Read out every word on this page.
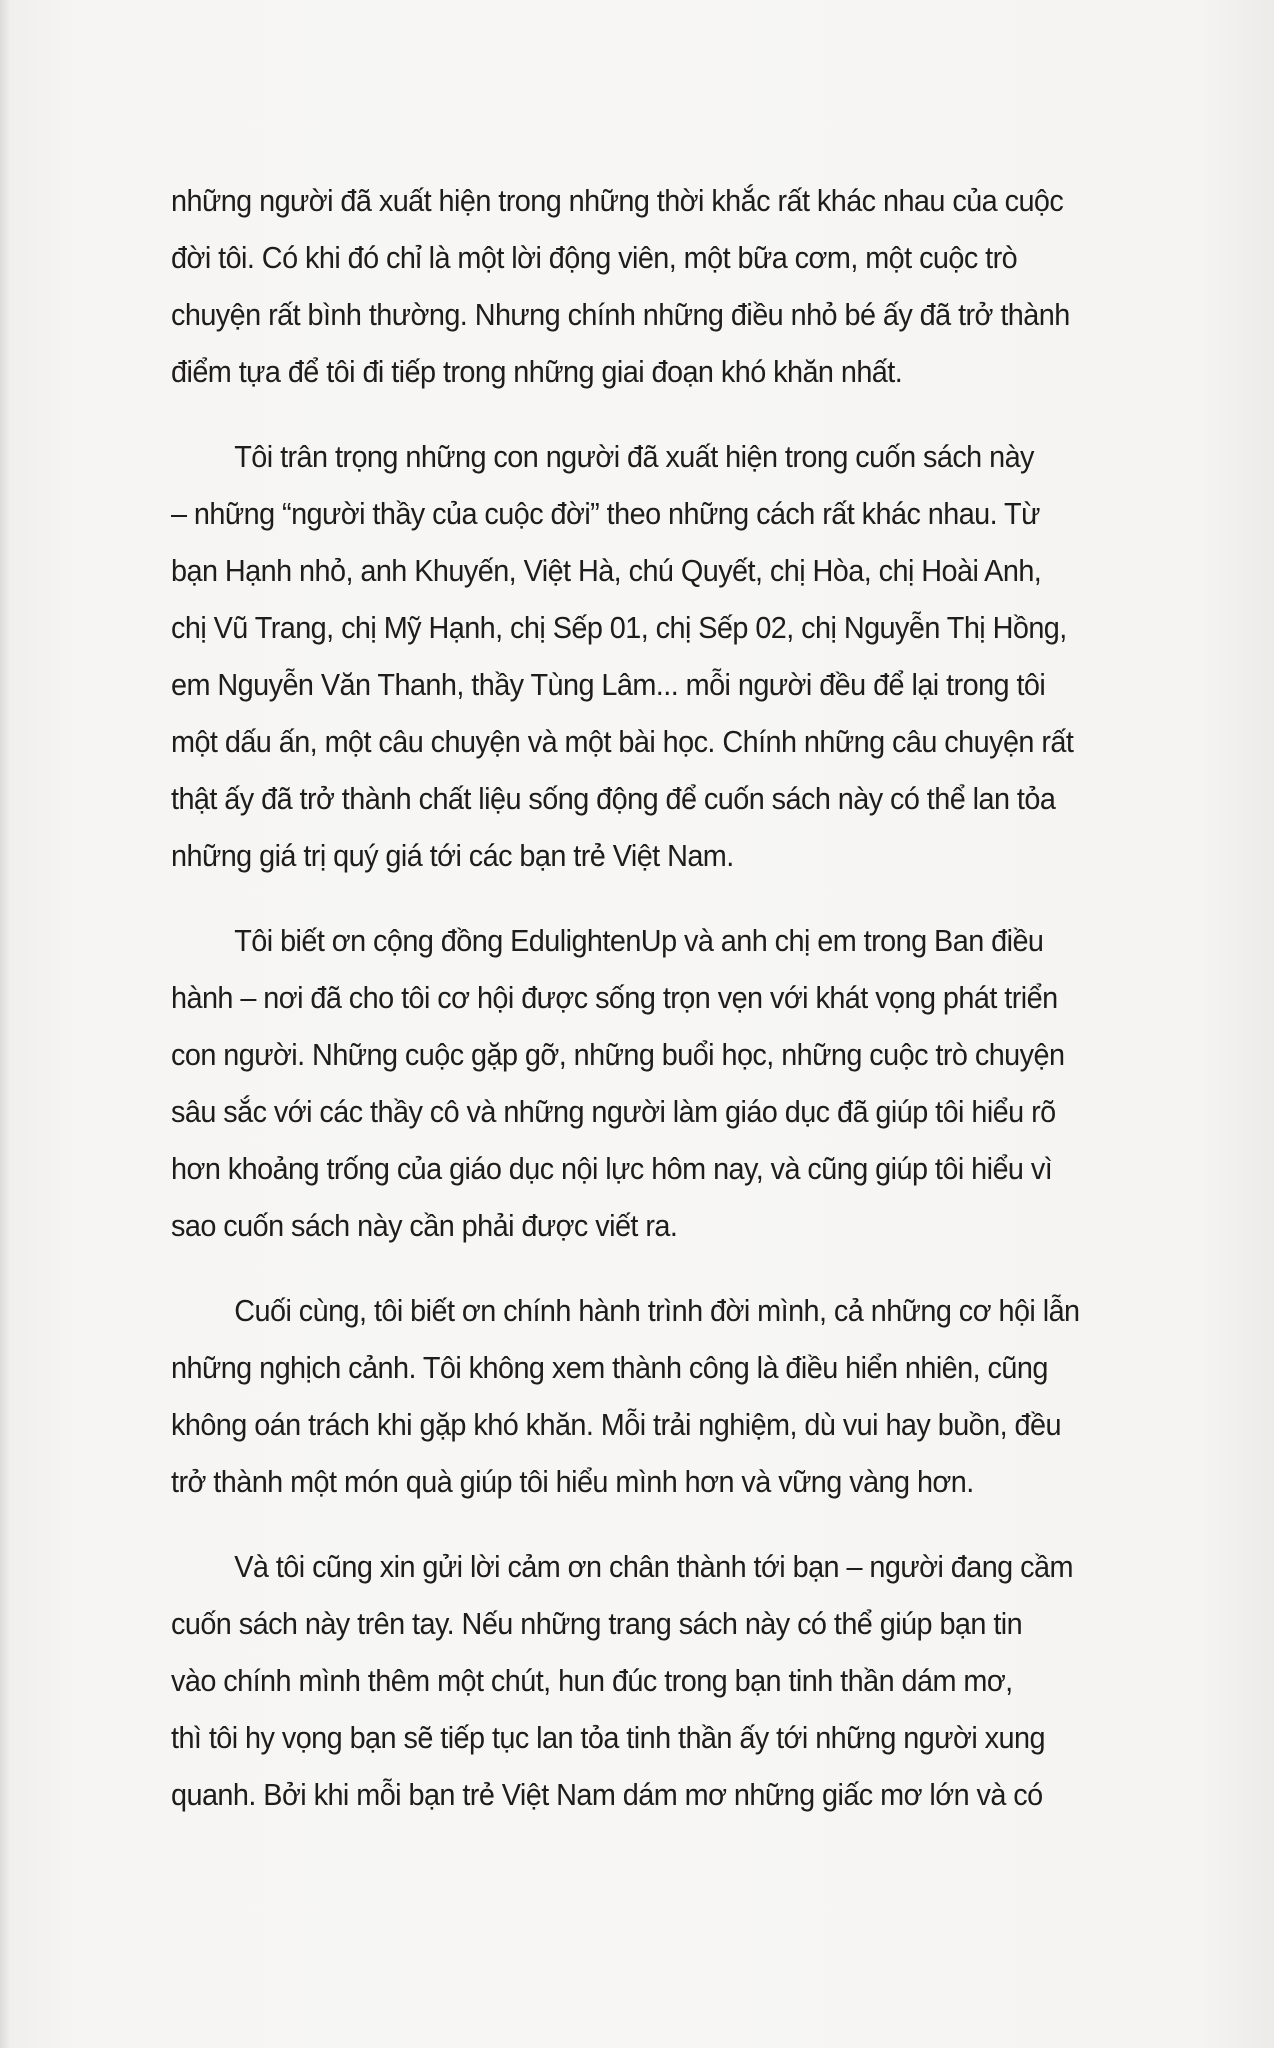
những người đã xuất hiện trong những thời khắc rất khác nhau của cuộc
đời tôi. Có khi đó chỉ là một lời động viên, một bữa cơm, một cuộc trò
chuyện rất bình thường. Nhưng chính những điều nhỏ bé ấy đã trở thành
điểm tựa để tôi đi tiếp trong những giai đoạn khó khăn nhất.
Tôi trân trọng những con người đã xuất hiện trong cuốn sách này
– những “người thầy của cuộc đời” theo những cách rất khác nhau. Từ
bạn Hạnh nhỏ, anh Khuyến, Việt Hà, chú Quyết, chị Hòa, chị Hoài Anh,
chị Vũ Trang, chị Mỹ Hạnh, chị Sếp 01, chị Sếp 02, chị Nguyễn Thị Hồng,
em Nguyễn Văn Thanh, thầy Tùng Lâm... mỗi người đều để lại trong tôi
một dấu ấn, một câu chuyện và một bài học. Chính những câu chuyện rất
thật ấy đã trở thành chất liệu sống động để cuốn sách này có thể lan tỏa
những giá trị quý giá tới các bạn trẻ Việt Nam.
Tôi biết ơn cộng đồng EdulightenUp và anh chị em trong Ban điều
hành – nơi đã cho tôi cơ hội được sống trọn vẹn với khát vọng phát triển
con người. Những cuộc gặp gỡ, những buổi học, những cuộc trò chuyện
sâu sắc với các thầy cô và những người làm giáo dục đã giúp tôi hiểu rõ
hơn khoảng trống của giáo dục nội lực hôm nay, và cũng giúp tôi hiểu vì
sao cuốn sách này cần phải được viết ra.
Cuối cùng, tôi biết ơn chính hành trình đời mình, cả những cơ hội lẫn
những nghịch cảnh. Tôi không xem thành công là điều hiển nhiên, cũng
không oán trách khi gặp khó khăn. Mỗi trải nghiệm, dù vui hay buồn, đều
trở thành một món quà giúp tôi hiểu mình hơn và vững vàng hơn.
Và tôi cũng xin gửi lời cảm ơn chân thành tới bạn – người đang cầm
cuốn sách này trên tay. Nếu những trang sách này có thể giúp bạn tin
vào chính mình thêm một chút, hun đúc trong bạn tinh thần dám mơ,
thì tôi hy vọng bạn sẽ tiếp tục lan tỏa tinh thần ấy tới những người xung
quanh. Bởi khi mỗi bạn trẻ Việt Nam dám mơ những giấc mơ lớn và có
